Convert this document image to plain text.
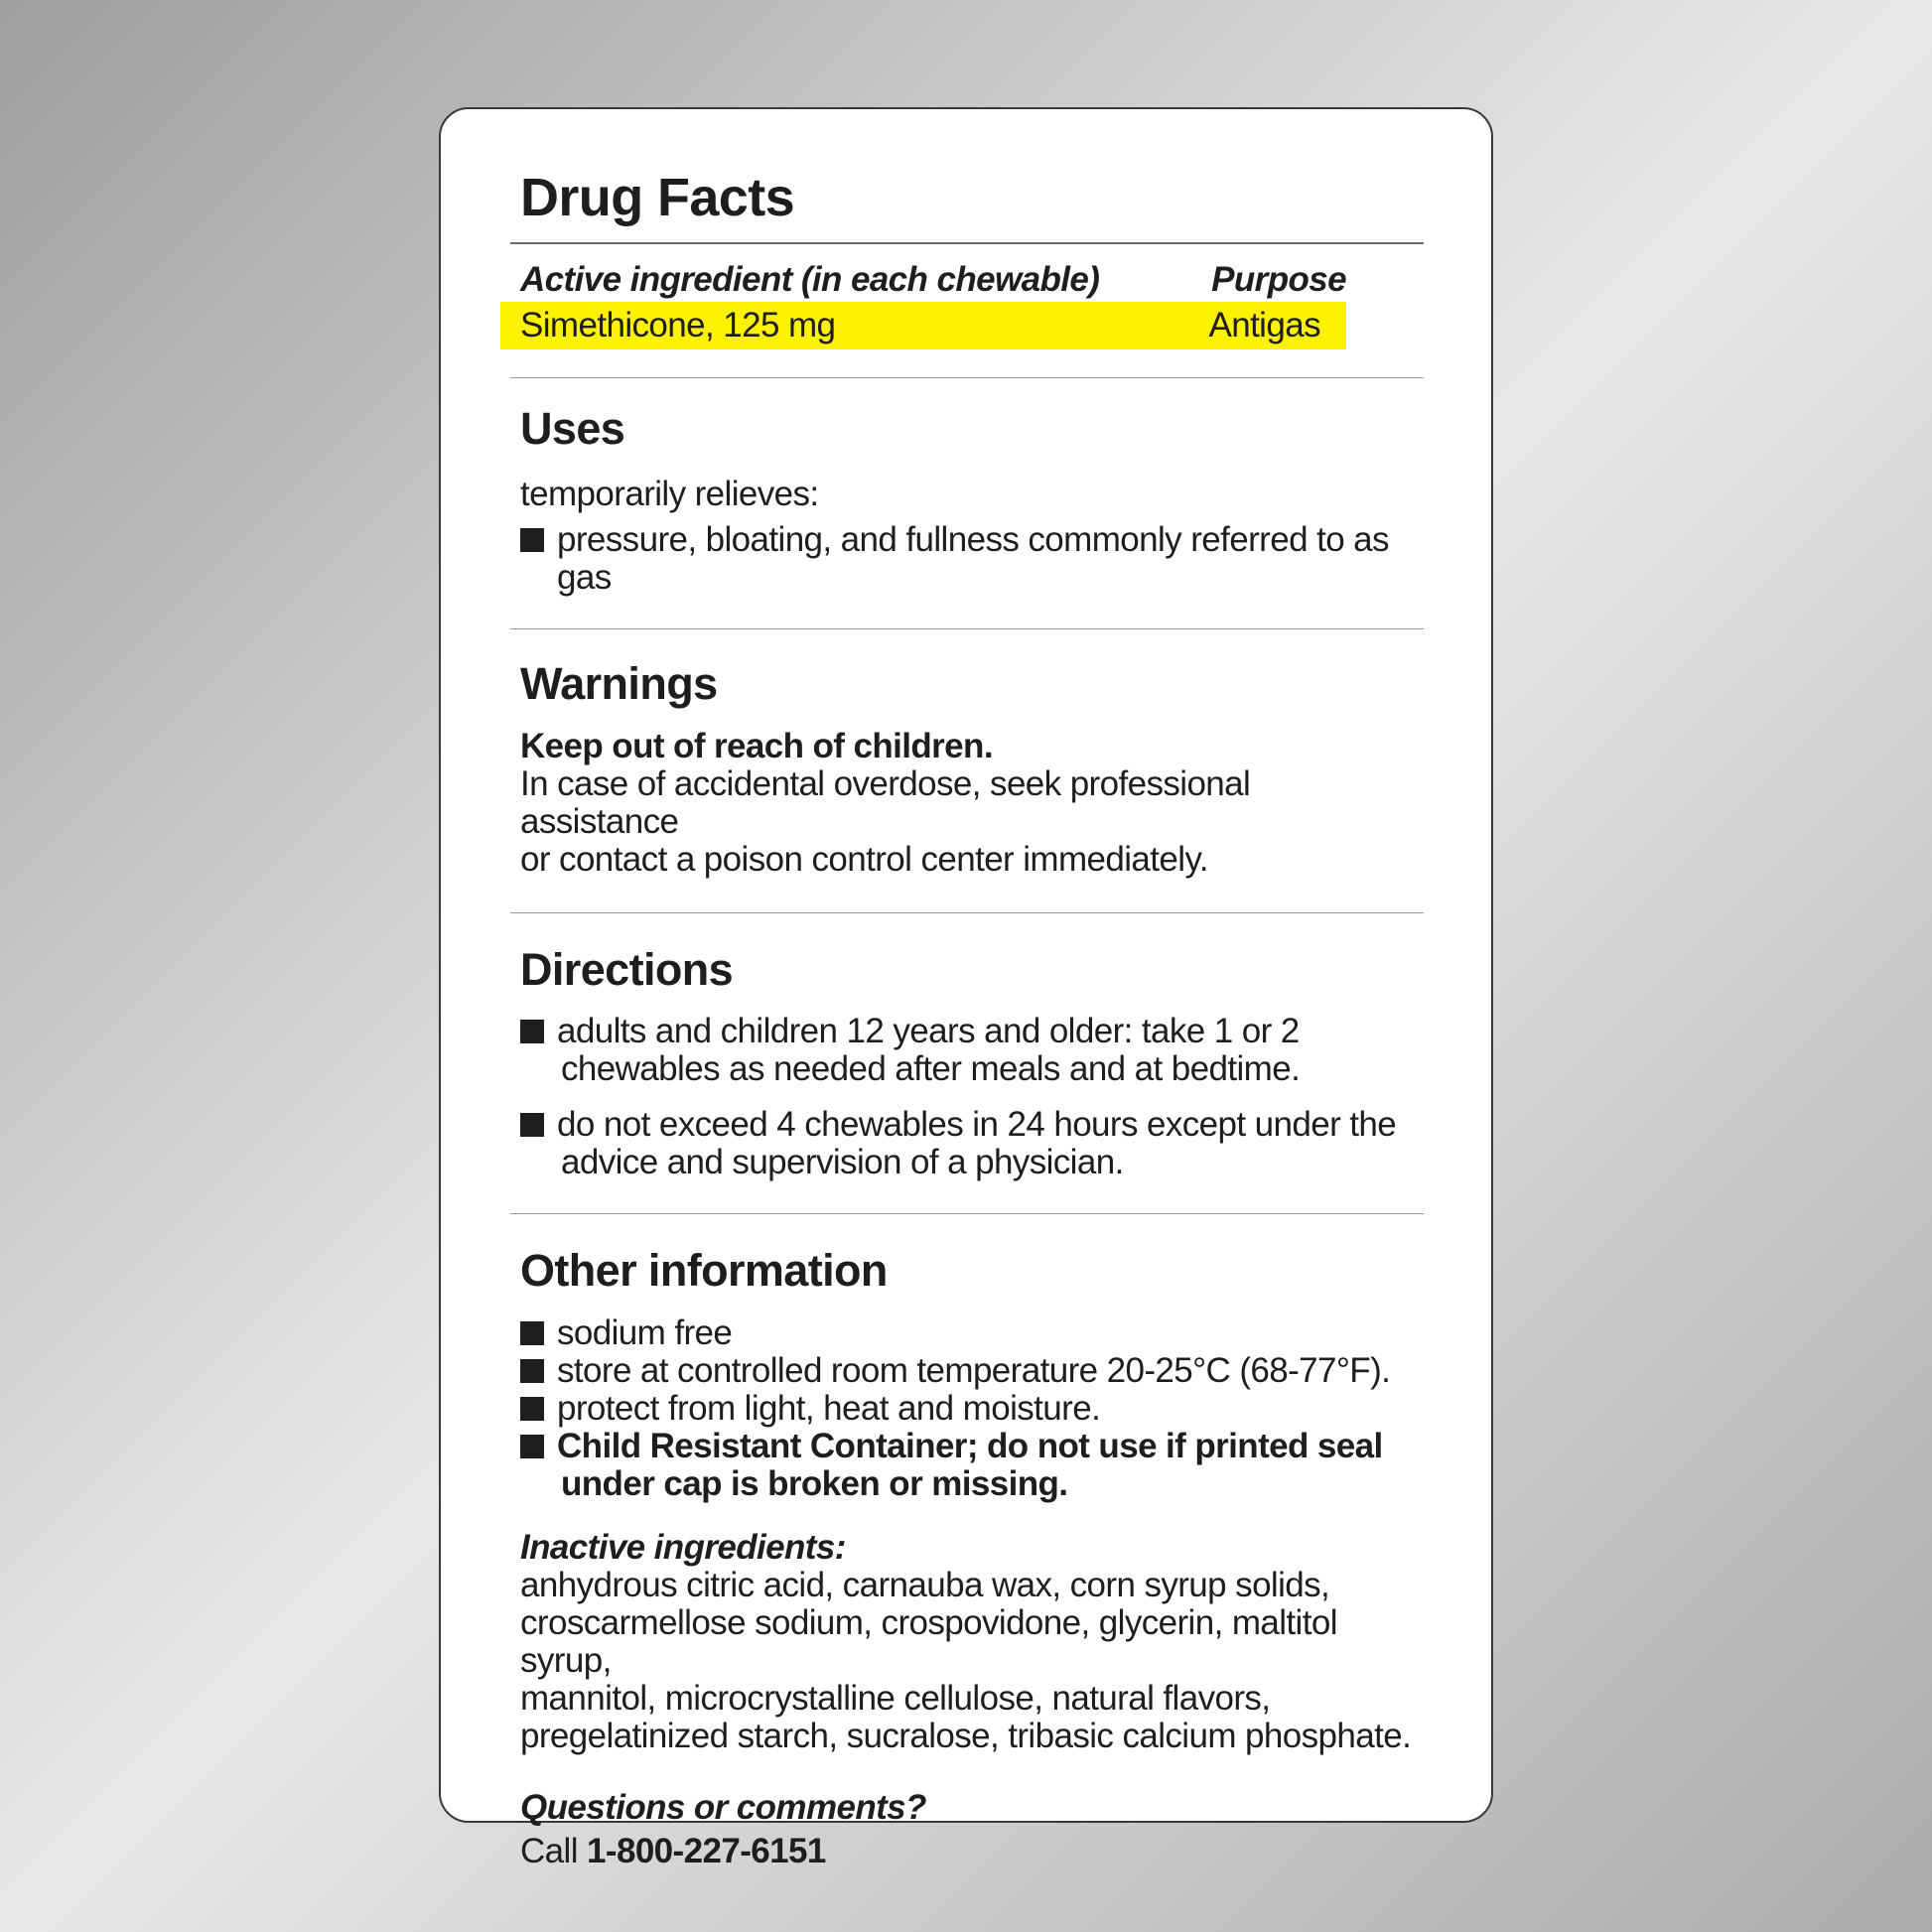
Drug Facts
Active ingredient (in each chewable)	Purpose
Simethicone, 125 mg	Antigas
Uses
temporarily relieves:
pressure, bloating, and fullness commonly referred to as gas
Warnings
Keep out of reach of children.
In case of accidental overdose, seek professional assistance
or contact a poison control center immediately.
Directions
adults and children 12 years and older: take 1 or 2
chewables as needed after meals and at bedtime.
do not exceed 4 chewables in 24 hours except under the
advice and supervision of a physician.
Other information
sodium free
store at controlled room temperature 20-25°C (68-77°F).
protect from light, heat and moisture.
Child Resistant Container; do not use if printed seal
under cap is broken or missing.
Inactive ingredients:
anhydrous citric acid, carnauba wax, corn syrup solids,
croscarmellose sodium, crospovidone, glycerin, maltitol syrup,
mannitol, microcrystalline cellulose, natural flavors,
pregelatinized starch, sucralose, tribasic calcium phosphate.
Questions or comments?
Call 1-800-227-6151
